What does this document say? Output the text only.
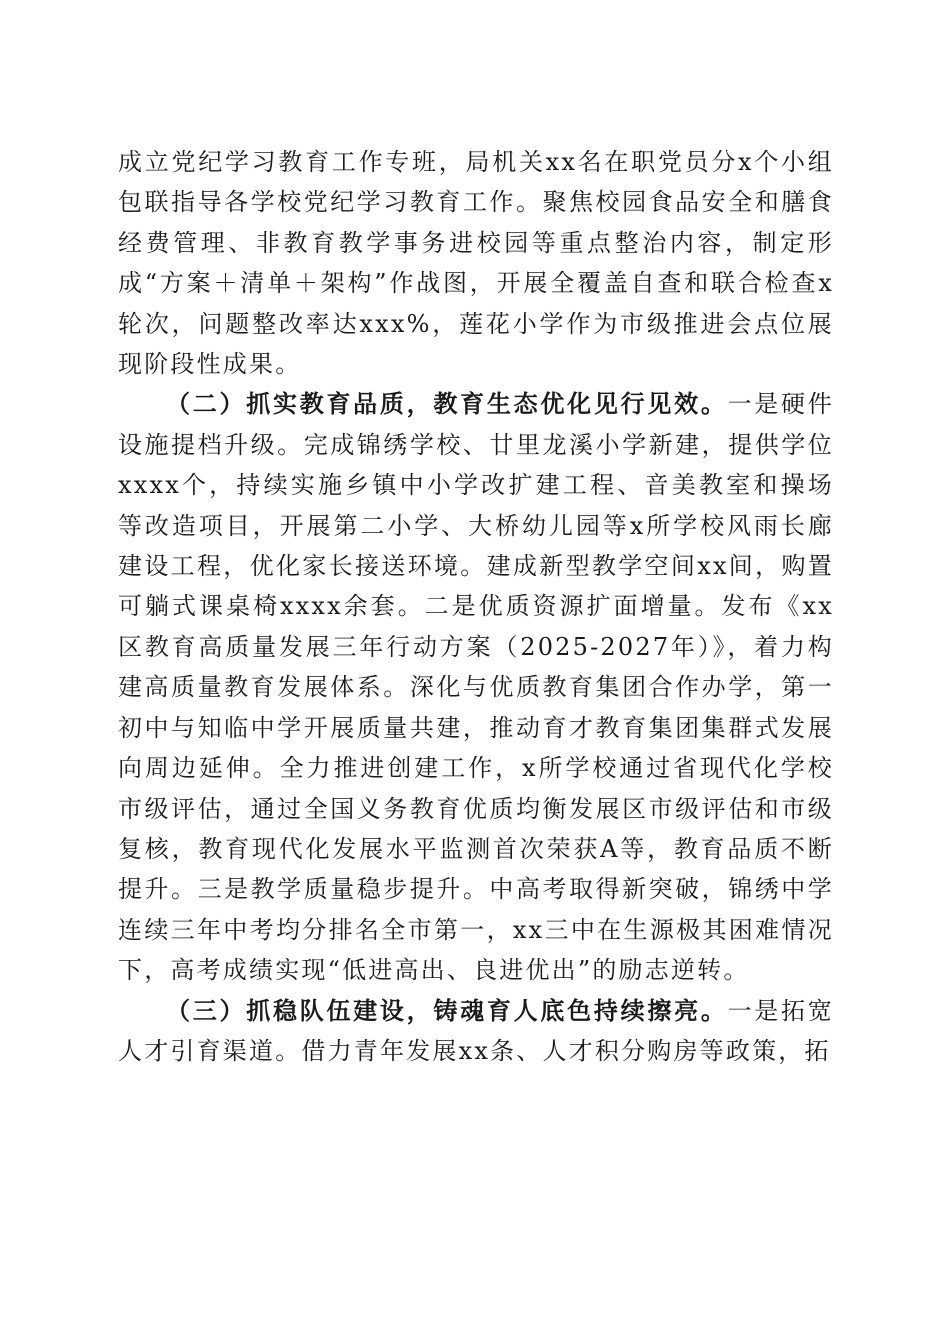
成立党纪学习教育工作专班，局机关xx名在职党员分x个小组包联指导各学校党纪学习教育工作。聚焦校园食品安全和膳食经费管理、非教育教学事务进校园等重点整治内容，制定形成“方案＋清单＋架构”作战图，开展全覆盖自查和联合检查x轮次，问题整改率达xxx%，莲花小学作为市级推进会点位展现阶段性成果。

（二）抓实教育品质，教育生态优化见行见效。一是硬件设施提档升级。完成锦绣学校、廿里龙溪小学新建，提供学位xxxx个，持续实施乡镇中小学改扩建工程、音美教室和操场等改造项目，开展第二小学、大桥幼儿园等x所学校风雨长廊建设工程，优化家长接送环境。建成新型教学空间xx间，购置可躺式课桌椅xxxx余套。二是优质资源扩面增量。发布《xx区教育高质量发展三年行动方案（2025-2027年）》，着力构建高质量教育发展体系。深化与优质教育集团合作办学，第一初中与知临中学开展质量共建，推动育才教育集团集群式发展向周边延伸。全力推进创建工作，x所学校通过省现代化学校市级评估，通过全国义务教育优质均衡发展区市级评估和市级复核，教育现代化发展水平监测首次荣获A等，教育品质不断提升。三是教学质量稳步提升。中高考取得新突破，锦绣中学连续三年中考均分排名全市第一，xx三中在生源极其困难情况下，高考成绩实现“低进高出、良进优出”的励志逆转。

（三）抓稳队伍建设，铸魂育人底色持续擦亮。一是拓宽人才引育渠道。借力青年发展xx条、人才积分购房等政策，拓
